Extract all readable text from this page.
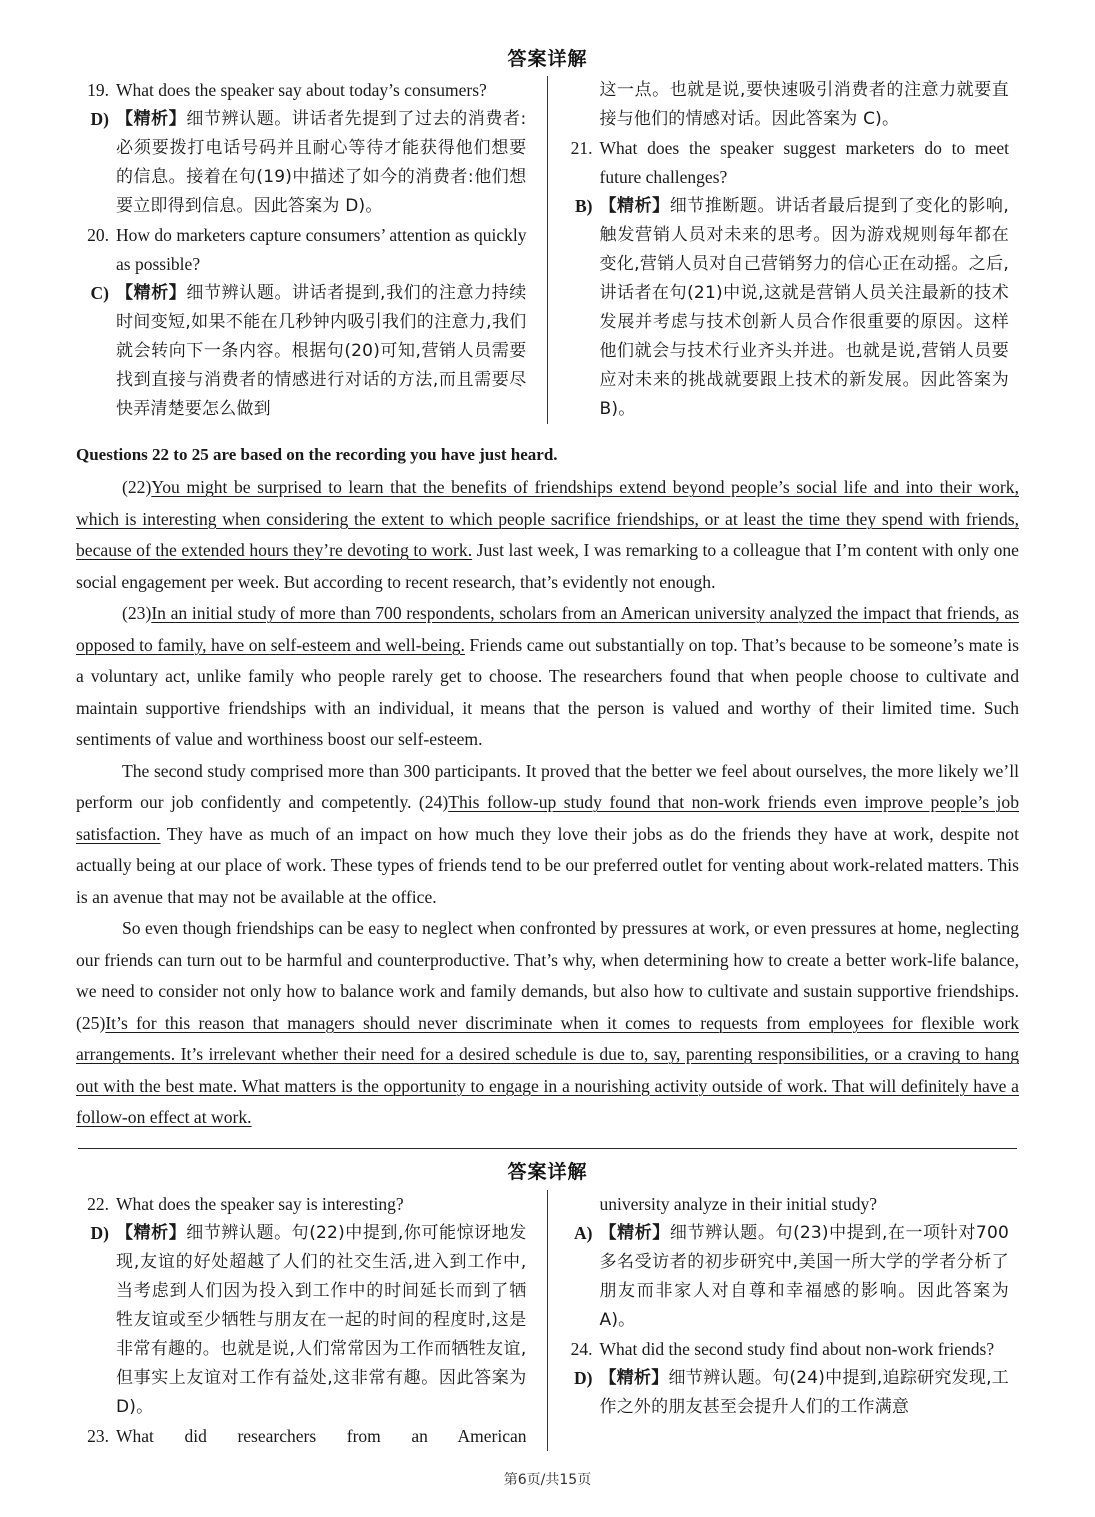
答案详解
19. What does the speaker say about today’s consumers?
D) 【精析】细节辨认题。讲话者先提到了过去的消费者:必须要拨打电话号码并且耐心等待才能获得他们想要的信息。接着在句(19)中描述了如今的消费者:他们想要立即得到信息。因此答案为 D)。
20. How do marketers capture consumers’ attention as quickly as possible?
C) 【精析】细节辨认题。讲话者提到,我们的注意力持续时间变短,如果不能在几秒钟内吸引我们的注意力,我们就会转向下一条内容。根据句(20)可知,营销人员需要找到直接与消费者的情感进行对话的方法,而且需要尽快弄清楚要怎么做到
这一点。也就是说,要快速吸引消费者的注意力就要直接与他们的情感对话。因此答案为 C)。
21. What does the speaker suggest marketers do to meet future challenges?
B) 【精析】细节推断题。讲话者最后提到了变化的影响,触发营销人员对未来的思考。因为游戏规则每年都在变化,营销人员对自己营销努力的信心正在动摇。之后,讲话者在句(21)中说,这就是营销人员关注最新的技术发展并考虑与技术创新人员合作很重要的原因。这样他们就会与技术行业齐头并进。也就是说,营销人员要应对未来的挑战就要跟上技术的新发展。因此答案为 B)。
Questions 22 to 25 are based on the recording you have just heard.

(22)You might be surprised to learn that the benefits of friendships extend beyond people’s social life and into their work, which is interesting when considering the extent to which people sacrifice friendships, or at least the time they spend with friends, because of the extended hours they’re devoting to work. Just last week, I was remarking to a colleague that I’m content with only one social engagement per week. But according to recent research, that’s evidently not enough.

(23)In an initial study of more than 700 respondents, scholars from an American university analyzed the impact that friends, as opposed to family, have on self-esteem and well-being. Friends came out substantially on top. That’s because to be someone’s mate is a voluntary act, unlike family who people rarely get to choose. The researchers found that when people choose to cultivate and maintain supportive friendships with an individual, it means that the person is valued and worthy of their limited time. Such sentiments of value and worthiness boost our self-esteem.

The second study comprised more than 300 participants. It proved that the better we feel about ourselves, the more likely we’ll perform our job confidently and competently. (24)This follow-up study found that non-work friends even improve people’s job satisfaction. They have as much of an impact on how much they love their jobs as do the friends they have at work, despite not actually being at our place of work. These types of friends tend to be our preferred outlet for venting about work-related matters. This is an avenue that may not be available at the office.

So even though friendships can be easy to neglect when confronted by pressures at work, or even pressures at home, neglecting our friends can turn out to be harmful and counterproductive. That’s why, when determining how to create a better work-life balance, we need to consider not only how to balance work and family demands, but also how to cultivate and sustain supportive friendships. (25)It’s for this reason that managers should never discriminate when it comes to requests from employees for flexible work arrangements. It’s irrelevant whether their need for a desired schedule is due to, say, parenting responsibilities, or a craving to hang out with the best mate. What matters is the opportunity to engage in a nourishing activity outside of work. That will definitely have a follow-on effect at work.

答案详解
22. What does the speaker say is interesting?
D) 【精析】细节辨认题。句(22)中提到,你可能惊讶地发现,友谊的好处超越了人们的社交生活,进入到工作中,当考虑到人们因为投入到工作中的时间延长而到了牺牲友谊或至少牺牲与朋友在一起的时间的程度时,这是非常有趣的。也就是说,人们常常因为工作而牺牲友谊,但事实上友谊对工作有益处,这非常有趣。因此答案为 D)。
23. What did researchers from an American
university analyze in their initial study?
A) 【精析】细节辨认题。句(23)中提到,在一项针对700 多名受访者的初步研究中,美国一所大学的学者分析了朋友而非家人对自尊和幸福感的影响。因此答案为 A)。
24. What did the second study find about non-work friends?
D) 【精析】细节辨认题。句(24)中提到,追踪研究发现,工作之外的朋友甚至会提升人们的工作满意
第6页/共15页
